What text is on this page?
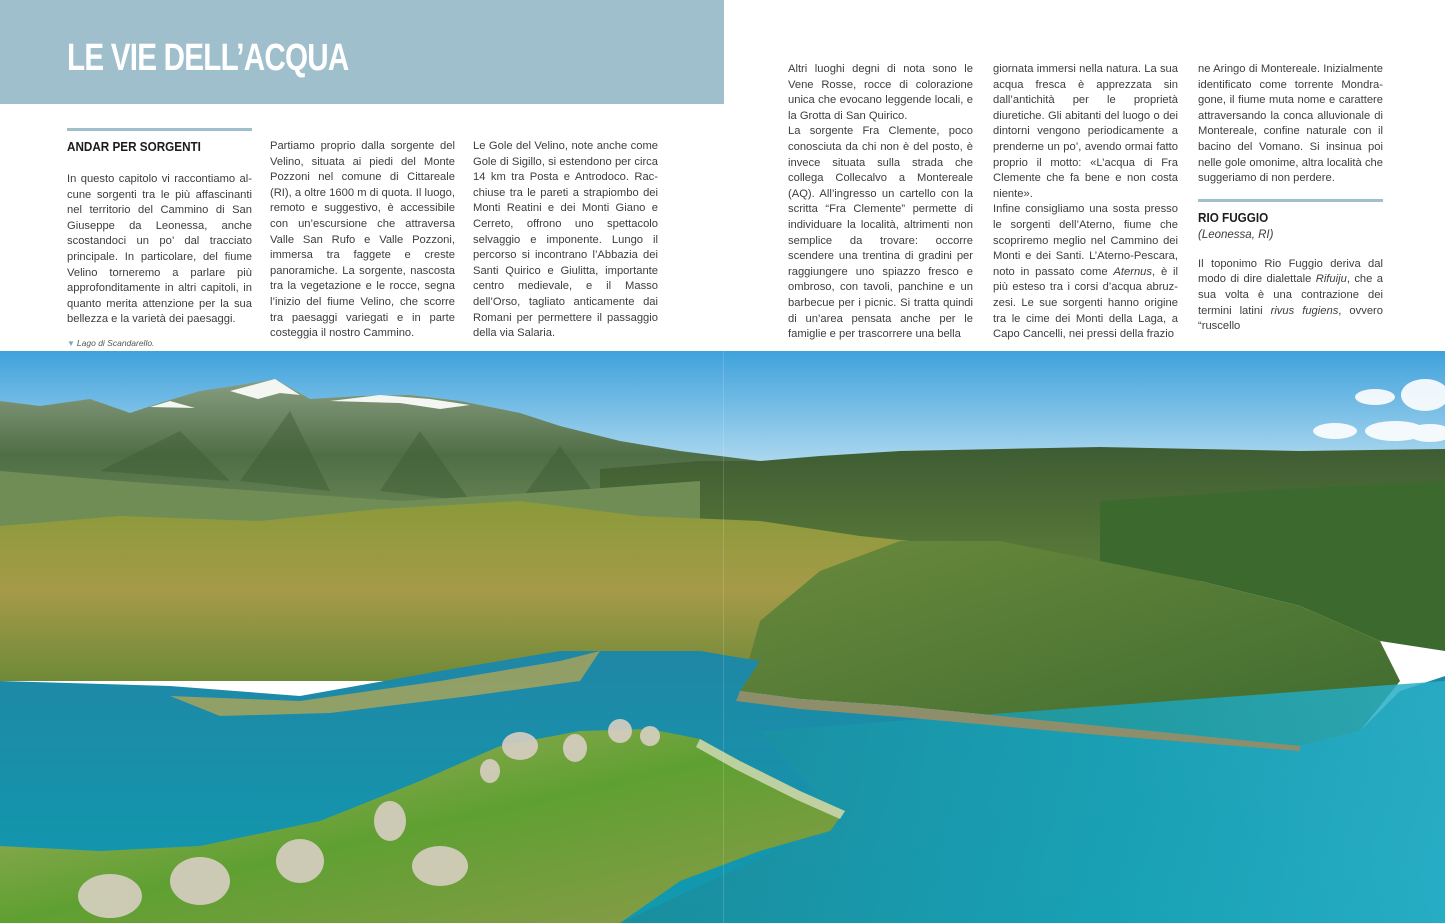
LE VIE DELL’ACQUA
ANDAR PER SORGENTI

In questo capitolo vi raccontiamo alcune sorgenti tra le più affascinanti nel territorio del Cammino di San Giuseppe da Leonessa, anche scostandoci un po’ dal tracciato principale. In particolare, del fiume Velino torneremo a parlare più approfonditamente in altri capitoli, in quanto merita attenzione per la sua bellezza e la varietà dei paesaggi.

Partiamo proprio dalla sorgente del Velino, situata ai piedi del Monte Pozzoni nel comune di Cittareale (RI), a oltre 1600 m di quota. Il luogo, remoto e suggestivo, è accessibile con un’escursione che attraversa Valle San Rufo e Valle Pozzoni, immersa tra faggete e creste panoramiche. La sorgente, nascosta tra la vegetazione e le rocce, segna l’inizio del fiume Velino, che scorre tra paesaggi variegati e in parte costeggia il nostro Cammino.

Le Gole del Velino, note anche come Gole di Sigillo, si estendono per circa 14 km tra Posta e Antrodoco. Racchiuse tra le pareti a strapiombo dei Monti Reatini e dei Monti Giano e Cerreto, offrono uno spettacolo selvaggio e imponente. Lungo il percorso si incontrano l’Abbazia dei Santi Quirico e Giulitta, importante centro medievale, e il Masso dell’Orso, tagliato anticamente dai Romani per permettere il passaggio della via Salaria.

Altri luoghi degni di nota sono le Vene Rosse, rocce di colorazione unica che evocano leggende locali, e la Grotta di San Quirico.

La sorgente Fra Clemente, poco conosciuta da chi non è del posto, è invece situata sulla strada che collega Collecalvo a Montereale (AQ). All’ingresso un cartello con la scritta “Fra Clemente” permette di individuare la località, altrimenti non semplice da trovare: occorre scendere una trentina di gradini per raggiungere uno spiazzo fresco e ombroso, con tavoli, panchine e un barbecue per i picnic. Si tratta quindi di un’area pensata anche per le famiglie e per trascorrere una bella

giornata immersi nella natura. La sua acqua fresca è apprezzata sin dall’antichità per le proprietà diuretiche. Gli abitanti del luogo o dei dintorni vengono periodicamente a prenderne un po’, avendo ormai fatto proprio il motto: «L’acqua di Fra Clemente che fa bene e non costa niente».

Infine consigliamo una sosta presso le sorgenti dell’Aterno, fiume che scopriremo meglio nel Cammino dei Monti e dei Santi. L’Aterno-Pescara, noto in passato come Aternus, è il più esteso tra i corsi d’acqua abruzzesi. Le sue sorgenti hanno origine tra le cime dei Monti della Laga, a Capo Cancelli, nei pressi della frazio

ne Aringo di Montereale. Inizialmente identificato come torrente Mondragone, il fiume muta nome e carattere attraversando la conca alluvionale di Montereale, confine naturale con il bacino del Vomano. Si insinua poi nelle gole omonime, altra località che suggeriamo di non perdere.

RIO FUGGIO
(Leonessa, RI)

Il toponimo Rio Fuggio deriva dal modo di dire dialettale Rifuiju, che a sua volta è una contrazione dei termini latini rivus fugiens, ovvero “ruscello

▼ Lago di Scandarello.
